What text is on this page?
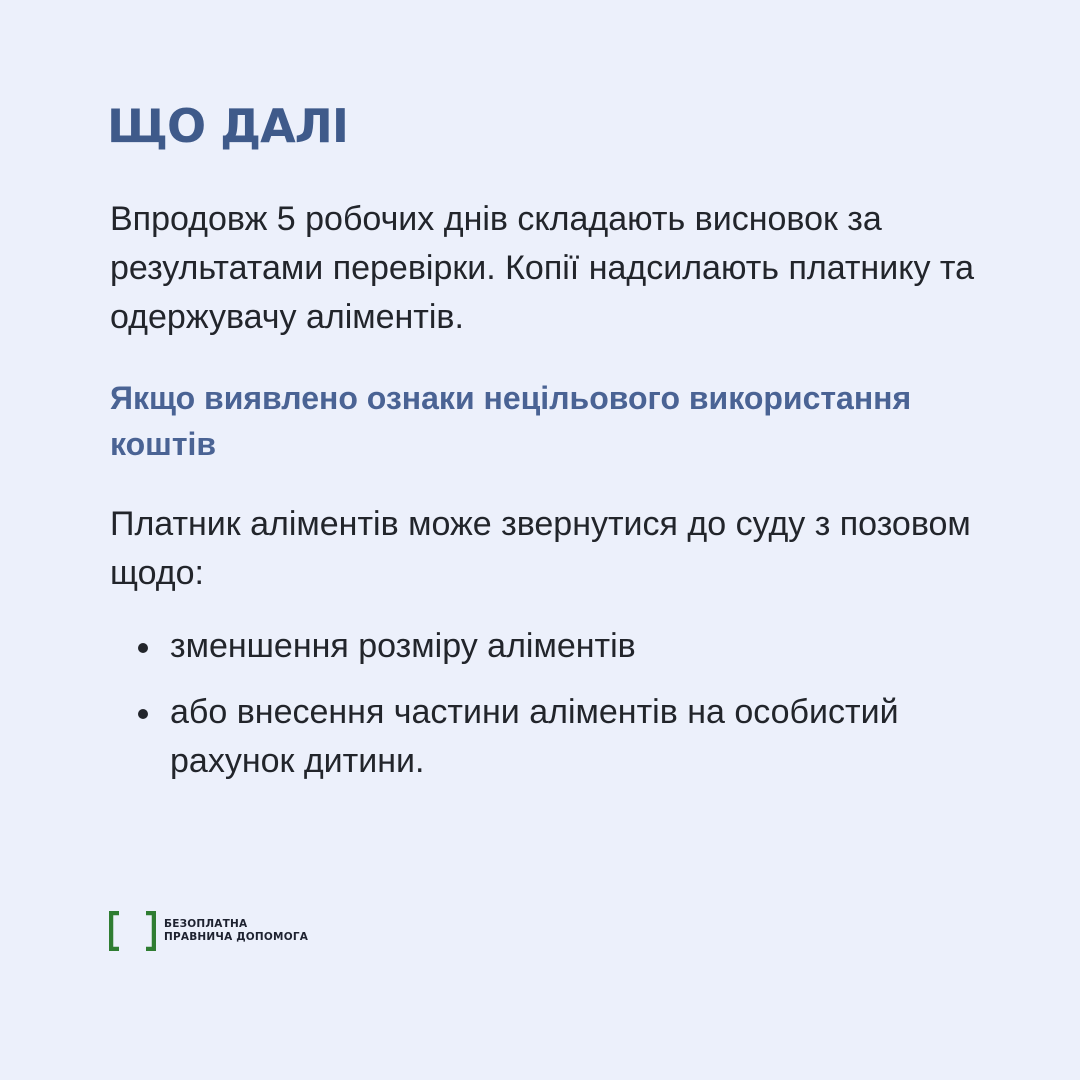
ЩО ДАЛІ

Впродовж 5 робочих днів складають висновок за результатами перевірки. Копії надсилають платнику та одержувачу аліментів.

Якщо виявлено ознаки нецільового використання коштів

Платник аліментів може звернутися до суду з позовом щодо:

зменшення розміру аліментів
або внесення частини аліментів на особистий рахунок дитини.
БЕЗОПЛАТНА
ПРАВНИЧА ДОПОМОГА
